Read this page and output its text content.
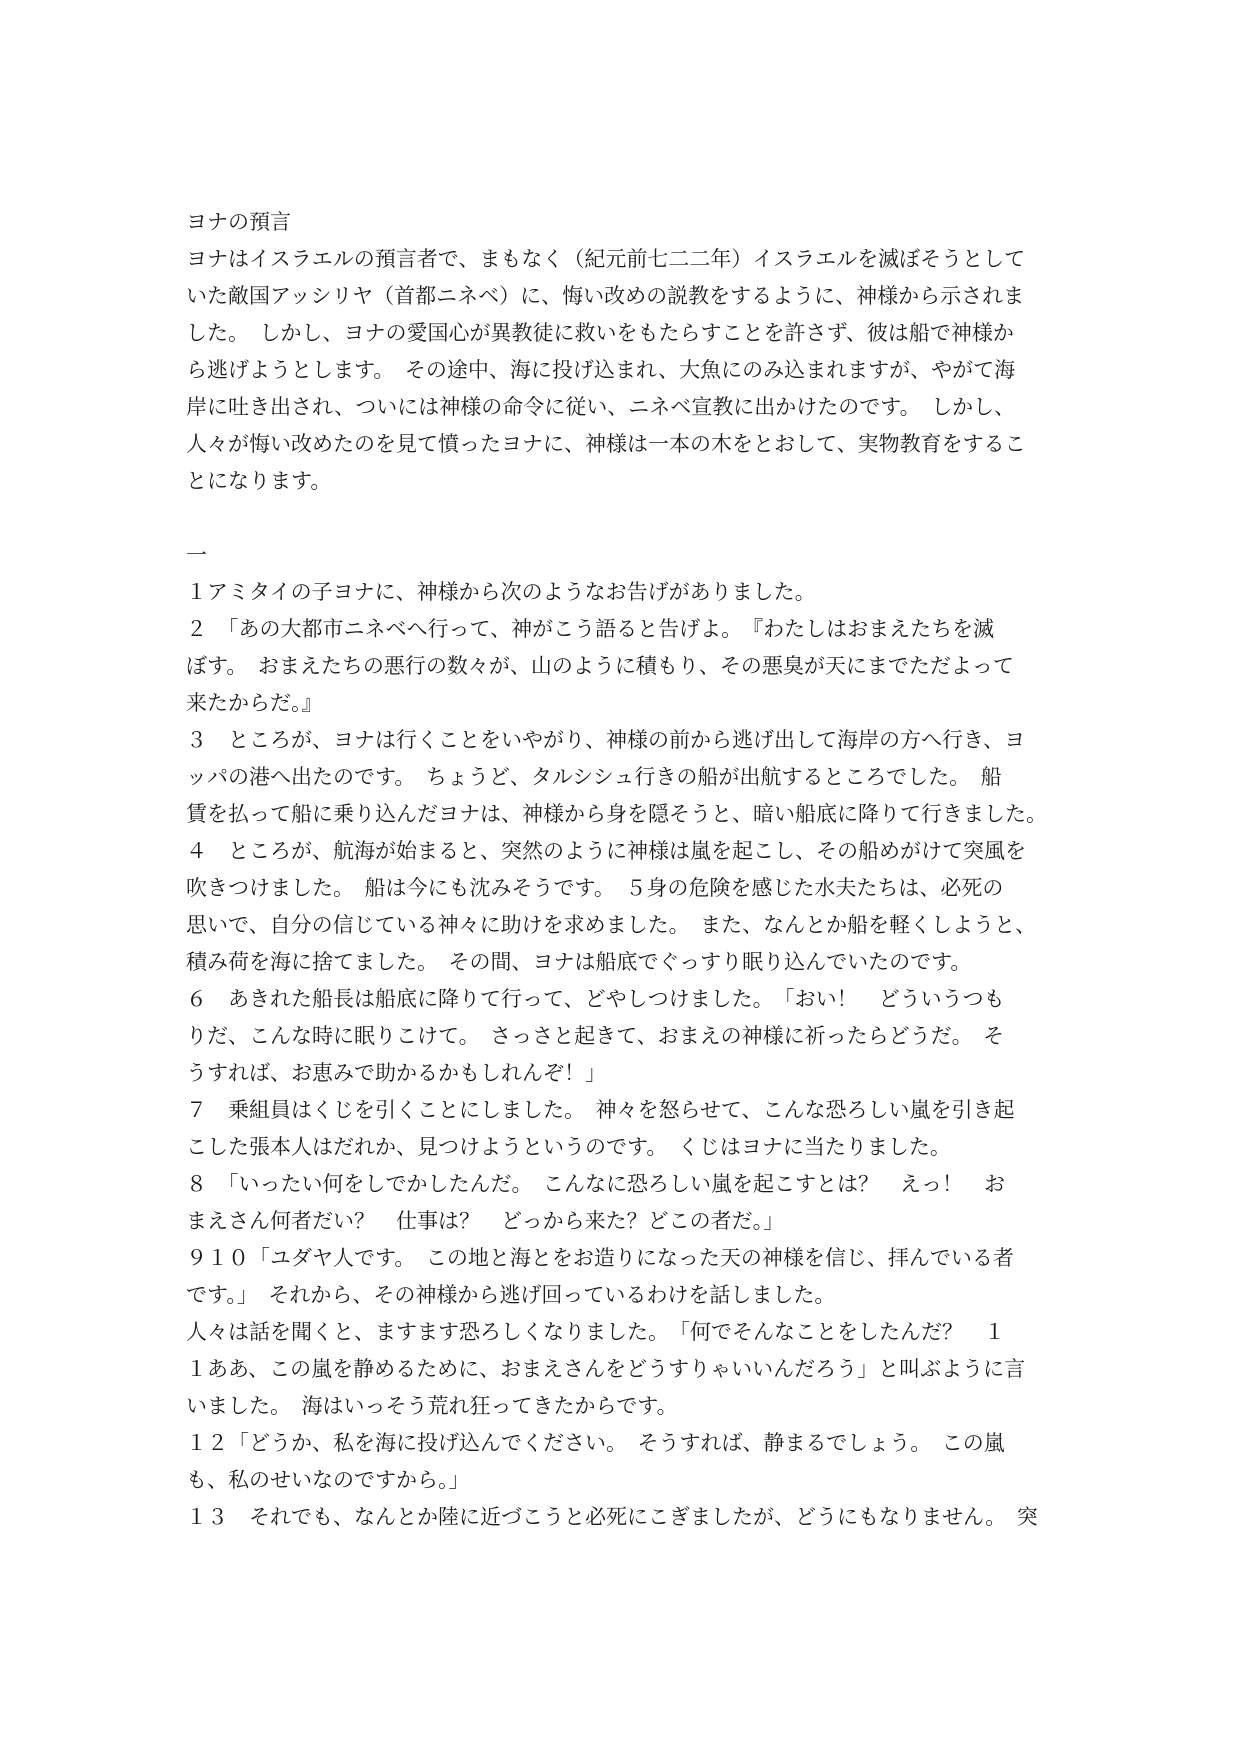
ヨナの預言
ヨナはイスラエルの預言者で、まもなく（紀元前七二二年）イスラエルを滅ぼそうとして
いた敵国アッシリヤ（首都ニネベ）に、悔い改めの説教をするように、神様から示されま
した。　しかし、ヨナの愛国心が異教徒に救いをもたらすことを許さず、彼は船で神様か
ら逃げようとします。　その途中、海に投げ込まれ、大魚にのみ込まれますが、やがて海
岸に吐き出され、ついには神様の命令に従い、ニネベ宣教に出かけたのです。　しかし、
人々が悔い改めたのを見て憤ったヨナに、神様は一本の木をとおして、実物教育をするこ
とになります。
一
１アミタイの子ヨナに、神様から次のようなお告げがありました。
２　「あの大都市ニネベへ行って、神がこう語ると告げよ。　『わたしはおまえたちを滅
ぼす。　おまえたちの悪行の数々が、山のように積もり、その悪臭が天にまでただよって
来たからだ。』
３　ところが、ヨナは行くことをいやがり、神様の前から逃げ出して海岸の方へ行き、ヨ
ッパの港へ出たのです。　ちょうど、タルシシュ行きの船が出航するところでした。　船
賃を払って船に乗り込んだヨナは、神様から身を隠そうと、暗い船底に降りて行きました。
４　ところが、航海が始まると、突然のように神様は嵐を起こし、その船めがけて突風を
吹きつけました。　船は今にも沈みそうです。　５身の危険を感じた水夫たちは、必死の
思いで、自分の信じている神々に助けを求めました。　また、なんとか船を軽くしようと、
積み荷を海に捨てました。　その間、ヨナは船底でぐっすり眠り込んでいたのです。
６　あきれた船長は船底に降りて行って、どやしつけました。　「おい！　どういうつも
りだ、こんな時に眠りこけて。　さっさと起きて、おまえの神様に祈ったらどうだ。　そ
うすれば、お恵みで助かるかもしれんぞ！」
７　乗組員はくじを引くことにしました。　神々を怒らせて、こんな恐ろしい嵐を引き起
こした張本人はだれか、見つけようというのです。　くじはヨナに当たりました。
８　「いったい何をしでかしたんだ。　こんなに恐ろしい嵐を起こすとは？　えっ！　お
まえさん何者だい？　仕事は？　どっから来た？どこの者だ。」
９１０「ユダヤ人です。　この地と海とをお造りになった天の神様を信じ、拝んでいる者
です。」　それから、その神様から逃げ回っているわけを話しました。
人々は話を聞くと、ますます恐ろしくなりました。　「何でそんなことをしたんだ？　１
１ああ、この嵐を静めるために、おまえさんをどうすりゃいいんだろう」と叫ぶように言
いました。　海はいっそう荒れ狂ってきたからです。
１２「どうか、私を海に投げ込んでください。　そうすれば、静まるでしょう。　この嵐
も、私のせいなのですから。」
１３　それでも、なんとか陸に近づこうと必死にこぎましたが、どうにもなりません。　突
